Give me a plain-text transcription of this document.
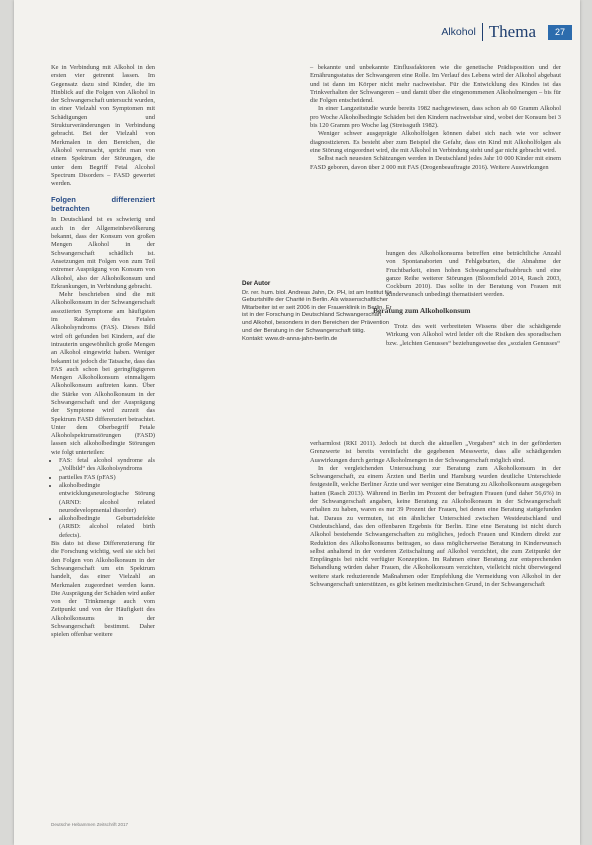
Alkohol Thema	27

Ke in Verbindung mit Alkohol in den ersten vier getrennt lassen. Im Gegensatz dazu sind Kinder, die im Hinblick auf die Folgen von Alkohol in der Schwangerschaft untersucht wurden, in einer Vielzahl von Symptomen mit Schädigungen und Strukturveränderungen in Verbindung gebracht. Bei der Vielzahl von Merkmalen in den Bereichen, die Alkohol verursacht, spricht man von einem Spektrum der Störungen, die unter dem Begriff Fetal Alcohol Spectrum Disorders – FASD gewertet werden.

Folgen differenziert betrachten

In Deutschland ist es schwierig und auch in der Allgemeinbevölkerung bekannt, dass der Konsum von großen Mengen Alkohol in der Schwangerschaft schädlich ist. Ansetzungen mit Folgen von zum Teil extremer Ausprägung von Konsum von Alkohol, also der Alkoholkonsum und Erkrankungen, in Verbindung gebracht.

Mehr beschrieben sind die mit Alkoholkonsum in der Schwangerschaft assoziierten Symptome am häufigsten im Rahmen des Fetalen Alkoholsyndroms (FAS). Dieses Bild wird oft gefunden bei Kindern, auf die intrauterin ungewöhnlich große Mengen an Alkohol eingewirkt haben. Weniger bekannt ist jedoch die Tatsache, dass das FAS auch schon bei geringfügigeren Mengen Alkoholkonsum einmaligem Alkoholkonsum auftreten kann. Über die Stärke von Alkoholkonsum in der Schwangerschaft und der Ausprägung der Symptome wird zurzeit das Spektrum FASD differenziert betrachtet. Unter dem Oberbegriff Fetale Alkoholspektrumstörungen (FASD) lassen sich alkoholbedingte Störungen wie folgt unterteilen:

• FAS: fetal alcohol syndrome als „Vollbild“ des Alkoholsyndroms
• partielles FAS (pFAS)
• alkoholbedingte entwicklungsneurologische Störung (ARND: alcohol related neurodevelopmental disorder)
• alkoholbedingte Geburtsdefekte (ARBD: alcohol related birth defects).

Bis dato ist diese Differenzierung für die Forschung wichtig, weil sie sich bei den Folgen von Alkoholkonsum in der Schwangerschaft um ein Spektrum handelt, das einer Vielzahl an Merkmalen zugeordnet werden kann. Die Ausprägung der Schäden wird außer von der Trinkmenge auch vom Zeitpunkt und von der Häufigkeit des Alkoholkonsums in der Schwangerschaft bestimmt. Daher spielen offenbar weitere

Der Autor
Dr. rer. hum. biol. Andreas Jahn, Dr. PH, ist am Institut für Geburtshilfe der Charité in Berlin. Als wissenschaftlicher Mitarbeiter ist er seit 2006 in der Frauenklinik in Berlin. Er ist in der Forschung in Deutschland Schwangerschaft und Alkohol, besonders in den Bereichen der Prävention und der Beratung in der Schwangerschaft tätig.
Kontakt: www.dr-anna-jahn-berlin.de

– bekannte und unbekannte Einflussfaktoren wie die genetische Prädisposition und der Ernährungsstatus der Schwangeren eine Rolle. Im Verlauf des Lebens wird der Alkohol abgebaut und ist dann im Körper nicht mehr nachweisbar. Für die Entwicklung des Kindes ist das Trinkverhalten der Schwangeren – und damit über die eingenommenen Alkoholmengen – bis für die Folgen entscheidend.

In einer Langzeitstudie wurde bereits 1982 nachgewiesen, dass schon ab 60 Gramm Alkohol pro Woche Alkoholbedingte Schäden bei den Kindern nachweisbar sind, wobei der Konsum bei 3 bis 120 Gramm pro Woche lag (Streissguth 1982).

Weniger schwer ausgeprägte Alkoholfolgen können dabei sich nach wie vor schwer diagnostizieren. Es besteht aber zum Beispiel die Gefahr, dass ein Kind mit Alkoholfolgen als eine Störung eingeordnet wird, die mit Alkohol in Verbindung steht und gar nicht gebracht wird.

Selbst nach neuesten Schätzungen werden in Deutschland jedes Jahr 10 000 Kinder mit einem FASD geboren, davon über 2 000 mit FAS (Drogenbeauftragte 2016). Weitere Auswirkungen

hungen des Alkoholkonsums betreffen eine beträchtliche Anzahl von Spontanaborten und Fehlgeburten, die Abnahme der Fruchtbarkeit, einen hohen Schwangerschaftsabbruch und eine ganze Reihe weiterer Störungen (Bloomfield 2014, Rasch 2003, Cockburn 2010). Das sollte in der Beratung von Frauen mit Kinderwunsch unbedingt thematisiert werden.

Beratung zum Alkoholkonsum

Trotz des weit verbreiteten Wissens über die schädigende Wirkung von Alkohol wird leider oft die Risiken des sporadischen bzw. „leichten Genusses“ beziehungsweise des „sozialen Genusses“

verharmlost (RKI 2011). Jedoch ist durch die aktuellen „Vorgaben“ sich in der geförderten Grenzwerte ist bereits vereinfacht die gegebenen Messwerte, dass alle schädigenden Auswirkungen durch geringe Alkoholmengen in der Schwangerschaft möglich sind.

In der vergleichenden Untersuchung zur Beratung zum Alkoholkonsum in der Schwangerschaft, zu einem Ärzten und Berlin und Hamburg wurden deutliche Unterschiede festgestellt, welche Berliner Ärzte und wer weniger eine Beratung zu Alkoholkonsum ausgegeben hatten (Rasch 2013). Während in Berlin im Prozent der befragten Frauen (und daher 56,6%) in der Schwangerschaft angaben, keine Beratung zu Alkoholkonsum in der Schwangerschaft erhalten zu haben, waren es nur 39 Prozent der Frauen, bei denen eine Beratung stattgefunden hat. Daraus zu vermuten, ist ein ähnlicher Unterschied zwischen Westdeutschland und Ostdeutschland, das den offenbaren Ergebnis für Berlin. Eine eine Beratung ist nicht durch Alkohol bestehende Schwangerschaften zu mögliches, jedoch Frauen und Kindern direkt zur Reduktion des Alkoholkonsums beitragen, so dass möglicherweise Beratung in Kinderwunsch selbst anhaltend in der vorderen Zeitschaltung auf Alkohol verzichtet, die zum Zeitpunkt der Empfängnis bei nicht verfügter Konzeption. Im Rahmen einer Beratung zur entsprechenden Behandlung würden daher Frauen, die Alkoholkonsum verzichten, vielleicht nicht überwiegend weitere stark reduzierende Maßnahmen oder Empfehlung die Vermeidung von Alkohol in der Schwangerschaft unterstützen, es gibt keinen medizinischen Grund, in der Schwangerschaft

Deutsche Hebammen Zeitschrift 2017
